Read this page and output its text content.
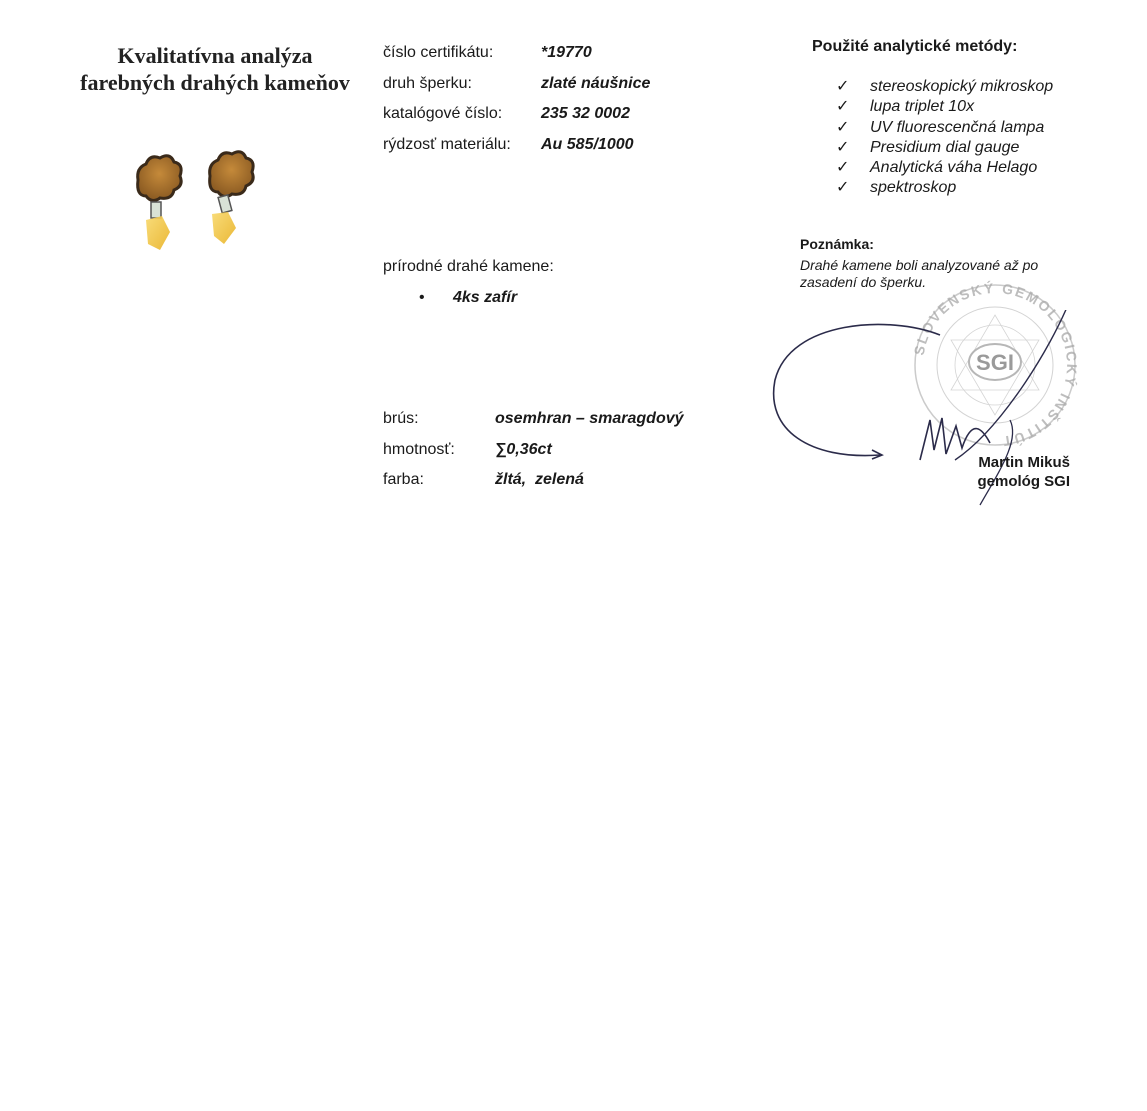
Kvalitatívna analýza
farebných drahých kameňov
číslo certifikátu:	*19770
druh šperku:	zlaté náušnice
katalógové číslo: 235 32 0002
rýdzosť materiálu: Au 585/1000
prírodné drahé kamene:
• 4ks zafír
brús:	osemhran – smaragdový
hmotnosť:	∑0,36ct
farba:	žltá,  zelená
Použité analytické metódy:
✓ stereoskopický mikroskop
✓ lupa triplet 10x
✓ UV fluorescenčná lampa
✓ Presidium dial gauge
✓ Analytická váha Helago
✓ spektroskop
Poznámka:
Drahé kamene boli analyzované až po zasadení do šperku.
SLOVENSKÝ GEMOLOGICKÝ INŠTITÚT
SGI
Martin Mikuš
gemológ SGI
